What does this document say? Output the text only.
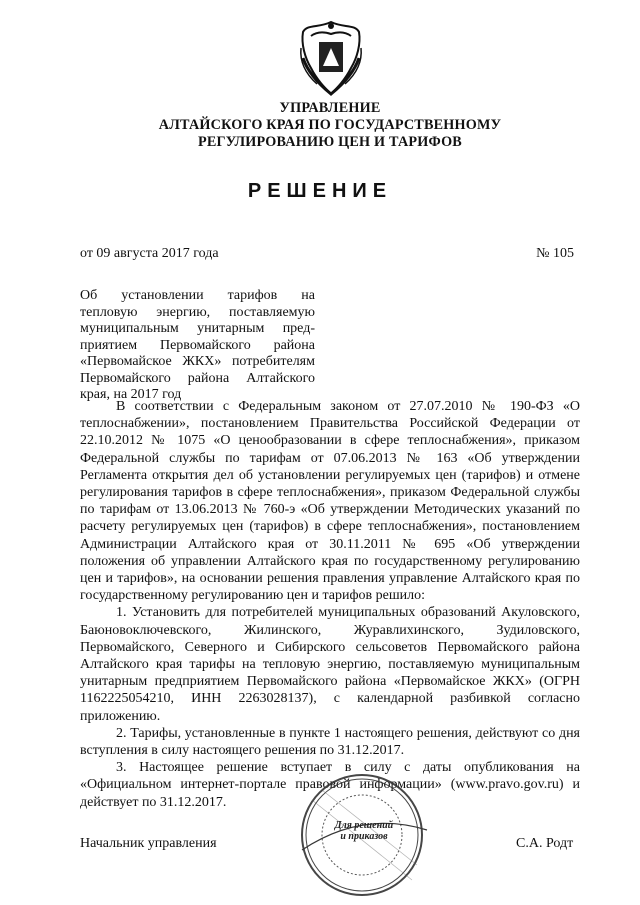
УПРАВЛЕНИЕ
АЛТАЙСКОГО КРАЯ ПО ГОСУДАРСТВЕННОМУ
РЕГУЛИРОВАНИЮ ЦЕН И ТАРИФОВ
РЕШЕНИЕ
от 09 августа 2017 года	№ 105
Об установлении тарифов на
тепловую энергию, поставляемую
муниципальным унитарным пред-
приятием Первомайского района
«Первомайское ЖКХ» потребителям
Первомайского района Алтайского
края, на 2017 год

В соответствии с Федеральным законом от 27.07.2010 № 190-ФЗ «О теплоснабжении», постановлением Правительства Российской Федерации от 22.10.2012 № 1075 «О ценообразовании в сфере теплоснабжения», приказом Федеральной службы по тарифам от 07.06.2013 № 163 «Об утверждении Регламента открытия дел об установлении регулируемых цен (тарифов) и отмене регулирования тарифов в сфере теплоснабжения», приказом Федеральной службы по тарифам от 13.06.2013 № 760-э «Об утверждении Методических указаний по расчету регулируемых цен (тарифов) в сфере теплоснабжения», постановлением Администрации Алтайского края от 30.11.2011 № 695 «Об утверждении положения об управлении Алтайского края по государственному регулированию цен и тарифов», на основании решения правления управление Алтайского края по государственному регулированию цен и тарифов решило:

1. Установить для потребителей муниципальных образований Акуловского, Баюновоключевского, Жилинского, Журавлихинского, Зудиловского, Первомайского, Северного и Сибирского сельсоветов Первомайского района Алтайского края тарифы на тепловую энергию, поставляемую муниципальным унитарным предприятием Первомайского района «Первомайское ЖКХ» (ОГРН 1162225054210, ИНН 2263028137), с календарной разбивкой согласно приложению.

2. Тарифы, установленные в пункте 1 настоящего решения, действуют со дня вступления в силу настоящего решения по 31.12.2017.

3. Настоящее решение вступает в силу с даты опубликования на «Официальном интернет-портале правовой информации» (www.pravo.gov.ru) и действует по 31.12.2017.

Для решений
и приказов
Начальник управления	С.А. Родт
